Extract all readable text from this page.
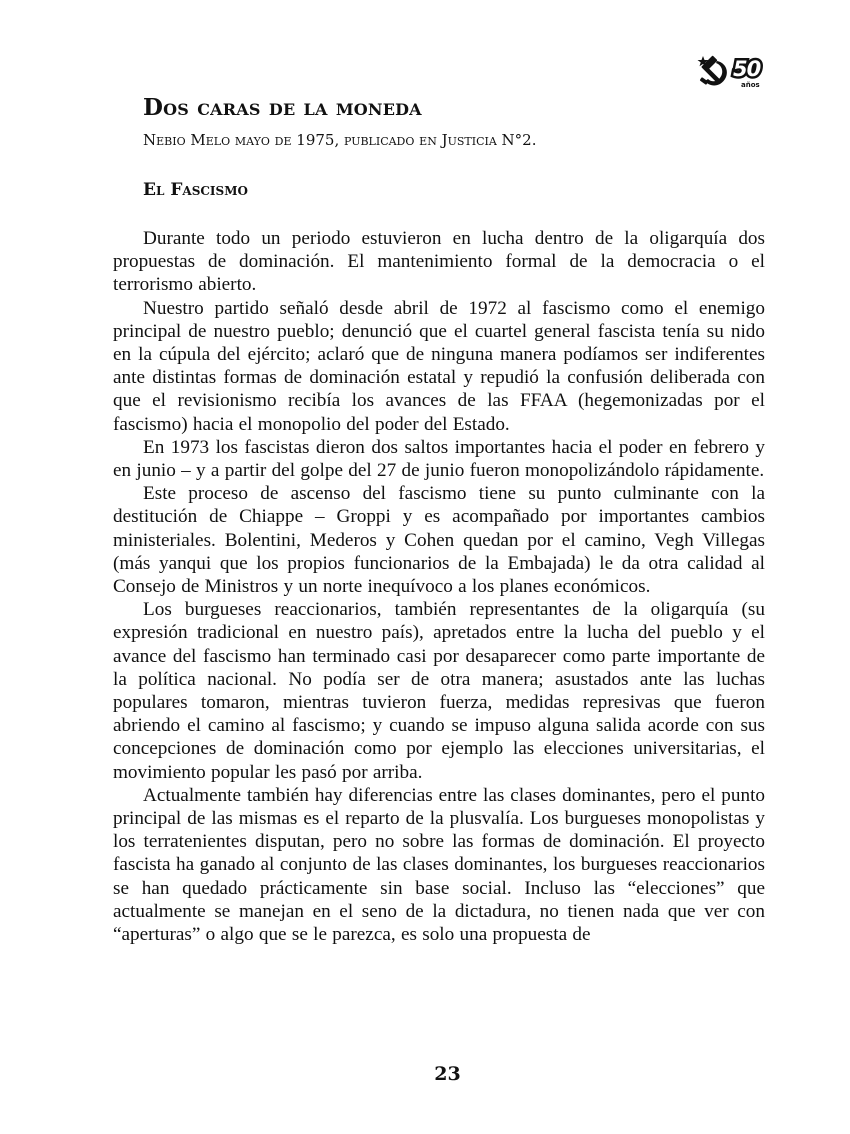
50
años
Dos caras de la moneda
Nebio Melo mayo de 1975, publicado en Justicia N°2.
El Fascismo

Durante todo un periodo estuvieron en lucha dentro de la oligarquía dos propuestas de dominación. El mantenimiento formal de la democracia o el terrorismo abierto.

Nuestro partido señaló desde abril de 1972 al fascismo como el enemigo principal de nuestro pueblo; denunció que el cuartel general fascista tenía su nido en la cúpula del ejército; aclaró que de ninguna manera podíamos ser indiferentes ante distintas formas de dominación estatal y repudió la confusión deliberada con que el revisionismo recibía los avances de las FFAA (hegemonizadas por el fascismo) hacia el monopolio del poder del Estado.

En 1973 los fascistas dieron dos saltos importantes hacia el poder en febrero y en junio – y a partir del golpe del 27 de junio fueron monopolizándolo rápidamente.

Este proceso de ascenso del fascismo tiene su punto culminante con la destitución de Chiappe – Groppi y es acompañado por importantes cambios ministeriales. Bolentini, Mederos y Cohen quedan por el camino, Vegh Villegas (más yanqui que los propios funcionarios de la Embajada) le da otra calidad al Consejo de Ministros y un norte inequívoco a los planes económicos.

Los burgueses reaccionarios, también representantes de la oligarquía (su expresión tradicional en nuestro país), apretados entre la lucha del pueblo y el avance del fascismo han terminado casi por desaparecer como parte importante de la política nacional. No podía ser de otra manera; asustados ante las luchas populares tomaron, mientras tuvieron fuerza, medidas represivas que fueron abriendo el camino al fascismo; y cuando se impuso alguna salida acorde con sus concepciones de dominación como por ejemplo las elecciones universitarias, el movimiento popular les pasó por arriba.

Actualmente también hay diferencias entre las clases dominantes, pero el punto principal de las mismas es el reparto de la plusvalía. Los burgueses monopolistas y los terratenientes disputan, pero no sobre las formas de dominación. El proyecto fascista ha ganado al conjunto de las clases dominantes, los burgueses reaccionarios se han quedado prácticamente sin base social. Incluso las “elecciones” que actualmente se manejan en el seno de la dictadura, no tienen nada que ver con “aperturas” o algo que se le parezca, es solo una propuesta de

23
